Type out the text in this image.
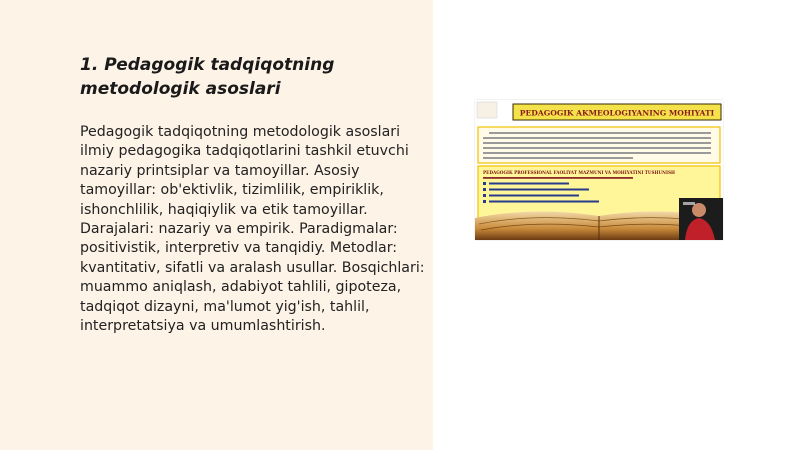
1. Pedagogik tadqiqotning
metodologik asoslari

Pedagogik tadqiqotning metodologik asoslari ilmiy pedagogika tadqiqotlarini tashkil etuvchi nazariy printsiplar va tamoyillar. Asosiy tamoyillar: ob'ektivlik, tizimlilik, empiriklik, ishonchlilik, haqiqiylik va etik tamoyillar. Darajalari: nazariy va empirik. Paradigmalar: positivistik, interpretiv va tanqidiy. Metodlar: kvantitativ, sifatli va aralash usullar. Bosqichlari: muammo aniqlash, adabiyot tahlili, gipoteza, tadqiqot dizayni, ma'lumot yig'ish, tahlil, interpretatsiya va umumlashtirish.

PEDAGOGIK AKMEOLOGIYANING MOHIYATI
PEDAGOGIK PROFESSIONAL FAOLIYAT MAZMUNI VA MOHIYATINI TUSHUNISH
